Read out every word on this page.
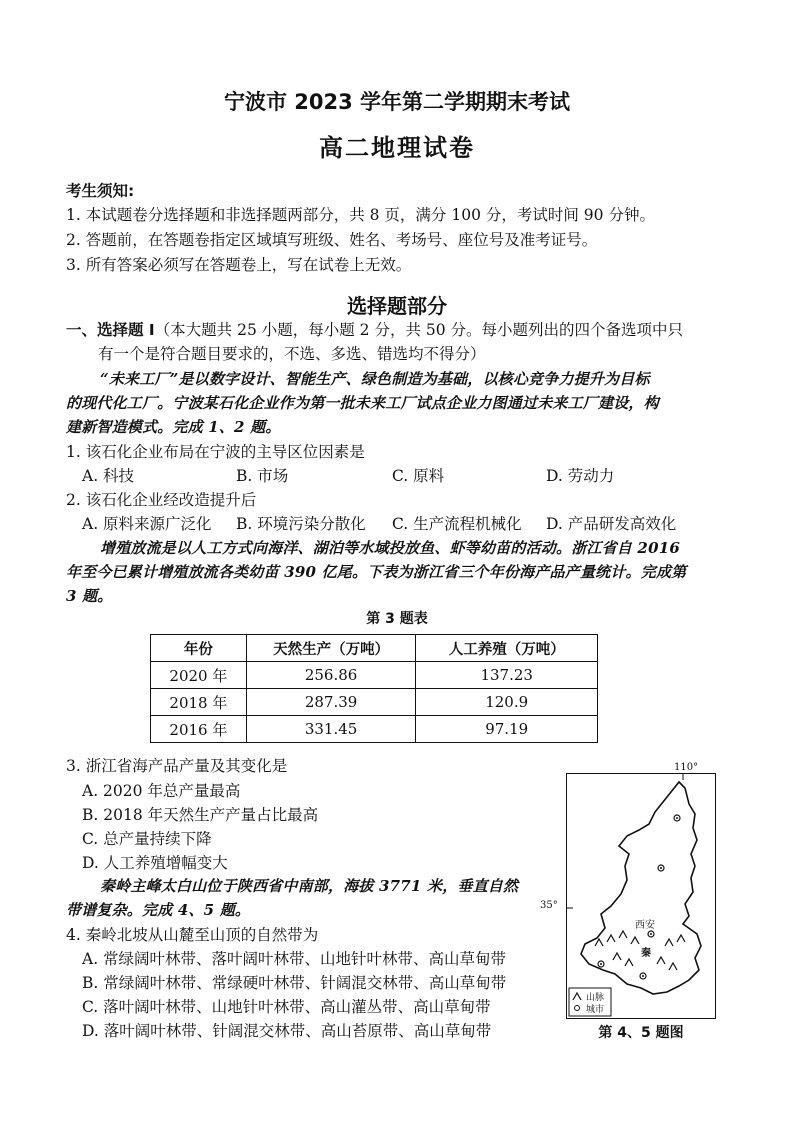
宁波市 2023 学年第二学期期末考试
高二地理试卷
考生须知:
1. 本试题卷分选择题和非选择题两部分，共 8 页，满分 100 分，考试时间 90 分钟。
2. 答题前，在答题卷指定区域填写班级、姓名、考场号、座位号及准考证号。
3. 所有答案必须写在答题卷上，写在试卷上无效。
选择题部分
一、选择题 I（本大题共 25 小题，每小题 2 分，共 50 分。每小题列出的四个备选项中只
有一个是符合题目要求的，不选、多选、错选均不得分）
“未来工厂”是以数字设计、智能生产、绿色制造为基础，以核心竞争力提升为目标
的现代化工厂。宁波某石化企业作为第一批未来工厂试点企业力图通过未来工厂建设，构
建新智造模式。完成 1、2 题。
1. 该石化企业布局在宁波的主导区位因素是
A. 科技	B. 市场	C. 原料	D. 劳动力
2. 该石化企业经改造提升后
A. 原料来源广泛化 B. 环境污染分散化 C. 生产流程机械化 D. 产品研发高效化
增殖放流是以人工方式向海洋、湖泊等水域投放鱼、虾等幼苗的活动。浙江省自 2016
年至今已累计增殖放流各类幼苗 390 亿尾。下表为浙江省三个年份海产品产量统计。完成第
3 题。
第 3 题表
年份	天然生产（万吨）	人工养殖（万吨）
2020 年	256.86	137.23
2018 年	287.39	120.9
2016 年	331.45	97.19
3. 浙江省海产品产量及其变化是
A. 2020 年总产量最高
B. 2018 年天然生产产量占比最高
C. 总产量持续下降
D. 人工养殖增幅变大
秦岭主峰太白山位于陕西省中南部，海拔 3771 米，垂直自然
带谱复杂。完成 4、5 题。
4. 秦岭北坡从山麓至山顶的自然带为
A. 常绿阔叶林带、落叶阔叶林带、山地针叶林带、高山草甸带
B. 常绿阔叶林带、常绿硬叶林带、针阔混交林带、高山草甸带
C. 落叶阔叶林带、山地针叶林带、高山灌丛带、高山草甸带
D. 落叶阔叶林带、针阔混交林带、高山苔原带、高山草甸带
110°
35°
西安
秦
山脉
城市
第 4、5 题图
